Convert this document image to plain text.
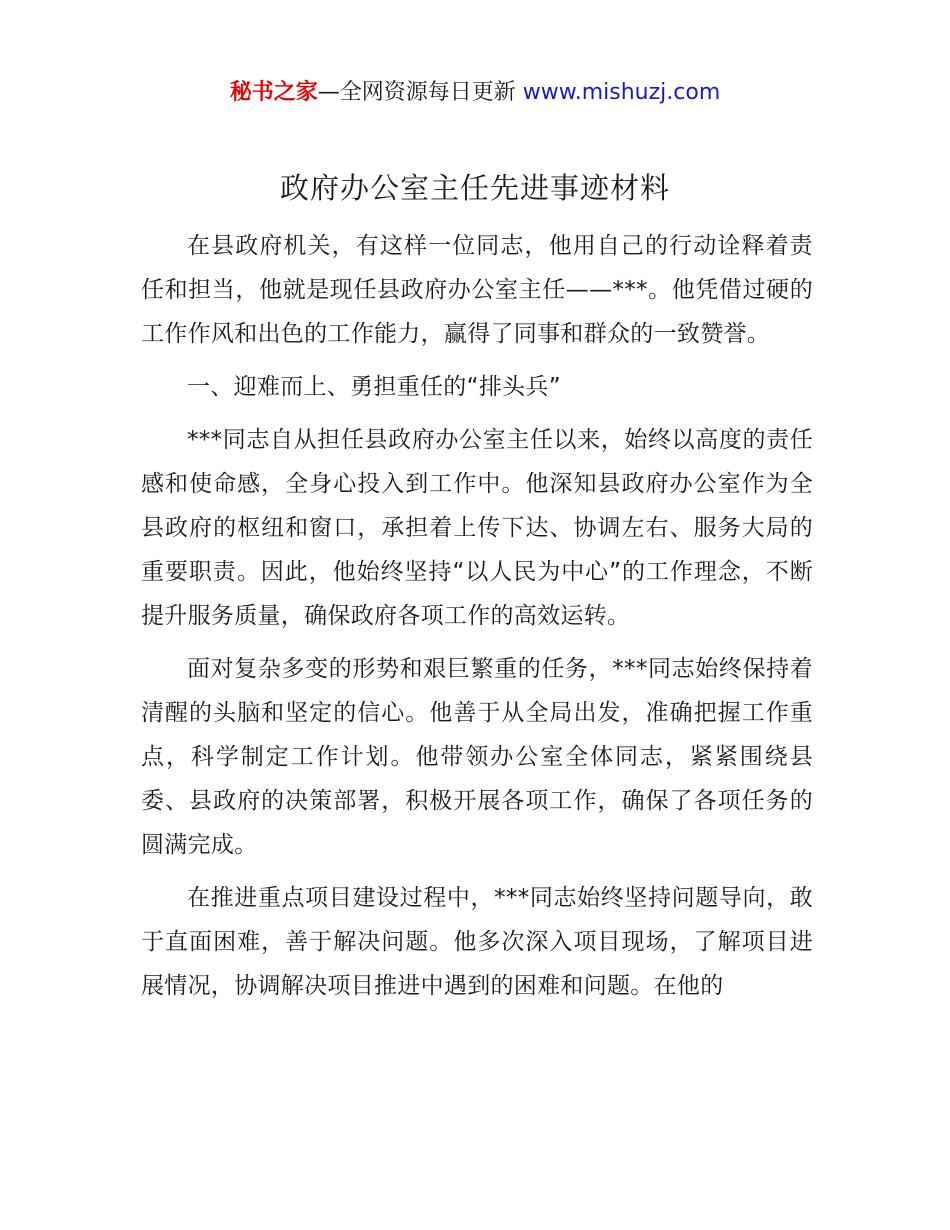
秘书之家—全网资源每日更新 www.mishuzj.com
政府办公室主任先进事迹材料

在县政府机关，有这样一位同志，他用自己的行动诠释着责任和担当，他就是现任县政府办公室主任——***。他凭借过硬的工作作风和出色的工作能力，赢得了同事和群众的一致赞誉。

一、迎难而上、勇担重任的“排头兵”

***同志自从担任县政府办公室主任以来，始终以高度的责任感和使命感，全身心投入到工作中。他深知县政府办公室作为全县政府的枢纽和窗口，承担着上传下达、协调左右、服务大局的重要职责。因此，他始终坚持“以人民为中心”的工作理念，不断提升服务质量，确保政府各项工作的高效运转。

面对复杂多变的形势和艰巨繁重的任务，***同志始终保持着清醒的头脑和坚定的信心。他善于从全局出发，准确把握工作重点，科学制定工作计划。他带领办公室全体同志，紧紧围绕县委、县政府的决策部署，积极开展各项工作，确保了各项任务的圆满完成。

在推进重点项目建设过程中，***同志始终坚持问题导向，敢于直面困难，善于解决问题。他多次深入项目现场，了解项目进展情况，协调解决项目推进中遇到的困难和问题。在他的
